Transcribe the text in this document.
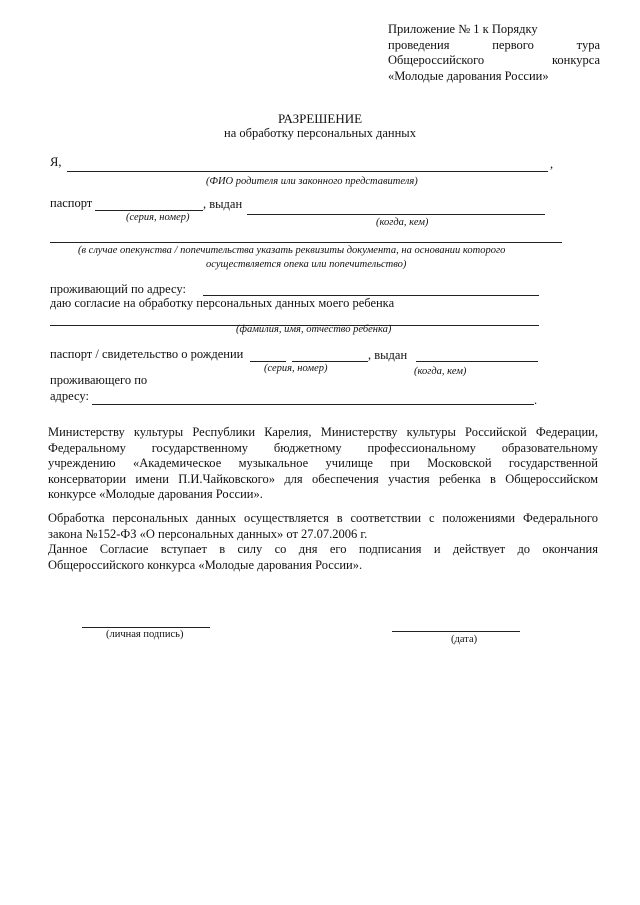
Приложение № 1 к Порядку
проведения первого тура
Общероссийского конкурса
«Молодые дарования России»
РАЗРЕШЕНИЕ
на обработку персональных данных
Я,	,
(ФИО родителя или законного представителя)
паспорт	, выдан
(серия, номер)	(когда, кем)
(в случае опекунства / попечительства указать реквизиты документа, на основании которого
осуществляется опека или попечительство)
проживающий по адресу:
даю согласие на обработку персональных данных моего ребенка
(фамилия, имя, отчество ребенка)
паспорт / свидетельство о рождении	, выдан
(серия, номер)	(когда, кем)
проживающего по
адресу:	.
Министерству культуры Республики Карелия, Министерству культуры Российской Федерации,
Федеральному государственному бюджетному профессиональному образовательному
учреждению «Академическое музыкальное училище при Московской государственной
консерватории имени П.И.Чайковского» для обеспечения участия ребенка в Общероссийском
конкурсе «Молодые дарования России».
Обработка персональных данных осуществляется в соответствии с положениями Федерального
закона №152-ФЗ «О персональных данных» от 27.07.2006 г.
Данное Согласие вступает в силу со дня его подписания и действует до окончания
Общероссийского конкурса «Молодые дарования России».
(личная подпись)	(дата)
